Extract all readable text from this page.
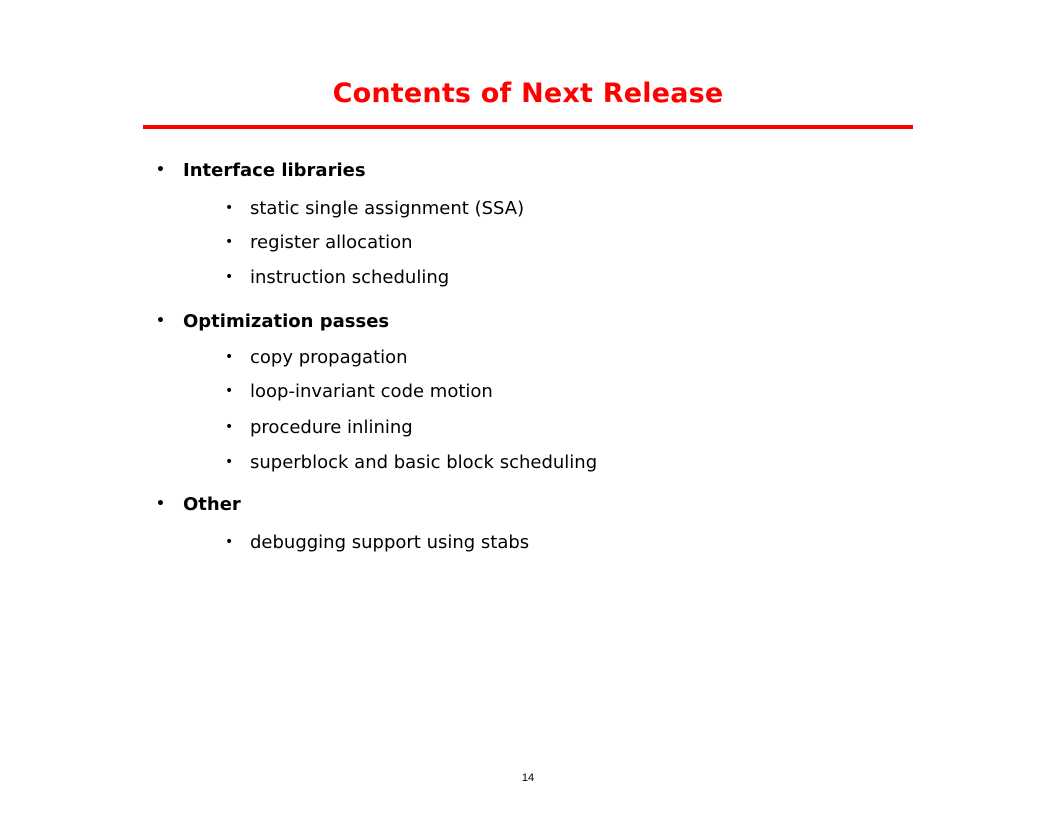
Contents of Next Release
• Interface libraries
• static single assignment (SSA)
• register allocation
• instruction scheduling
• Optimization passes
• copy propagation
• loop-invariant code motion
• procedure inlining
• superblock and basic block scheduling
• Other
• debugging support using stabs
14
